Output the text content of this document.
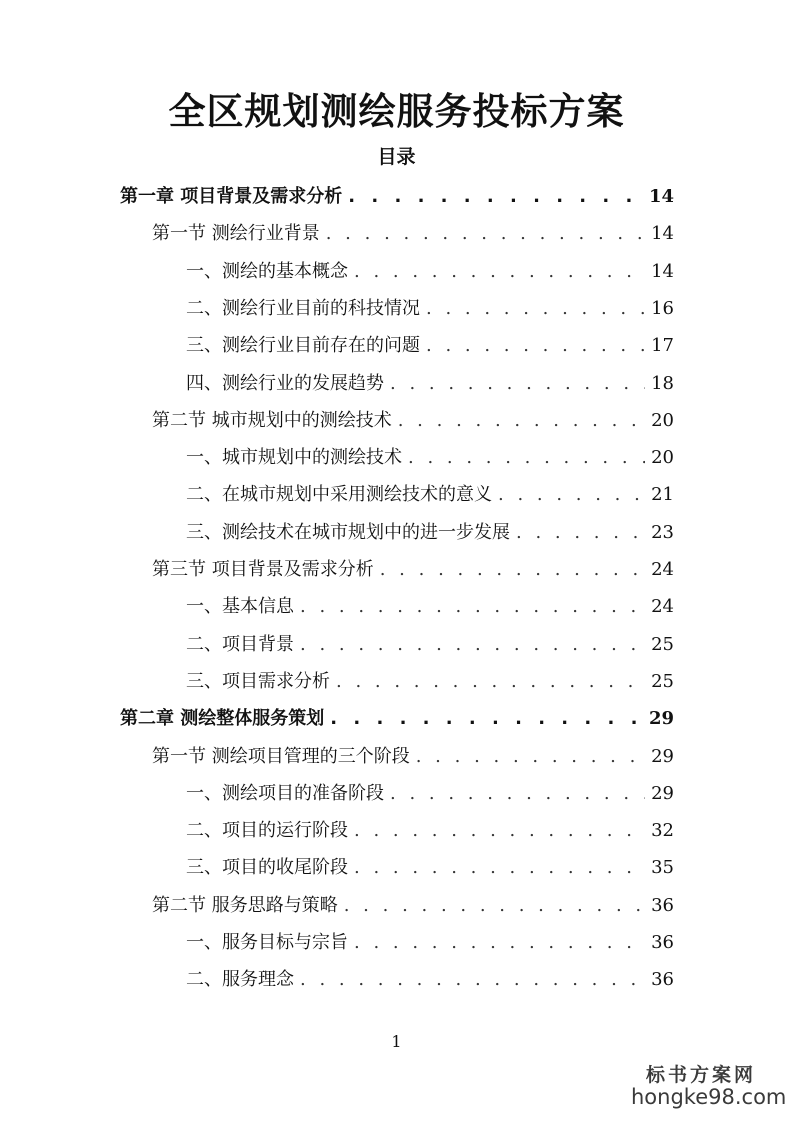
全区规划测绘服务投标方案
目录
第一章 项目背景及需求分析 . . .	14
第一节 测绘行业背景 . . .	14
一、测绘的基本概念 . . .	14
二、测绘行业目前的科技情况 . . .	16
三、测绘行业目前存在的问题 . . .	17
四、测绘行业的发展趋势 . . .	18
第二节 城市规划中的测绘技术 . . .	20
一、城市规划中的测绘技术 . . .	20
二、在城市规划中采用测绘技术的意义 . . .	21
三、测绘技术在城市规划中的进一步发展 . . .	23
第三节 项目背景及需求分析 . . .	24
一、基本信息 . . .	24
二、项目背景 . . .	25
三、项目需求分析 . . .	25
第二章 测绘整体服务策划 . . .	29
第一节 测绘项目管理的三个阶段 . . .	29
一、测绘项目的准备阶段 . . .	29
二、项目的运行阶段 . . .	32
三、项目的收尾阶段 . . .	35
第二节 服务思路与策略 . . .	36
一、服务目标与宗旨 . . .	36
二、服务理念 . . .	36
1
标书方案网
hongke98.com
